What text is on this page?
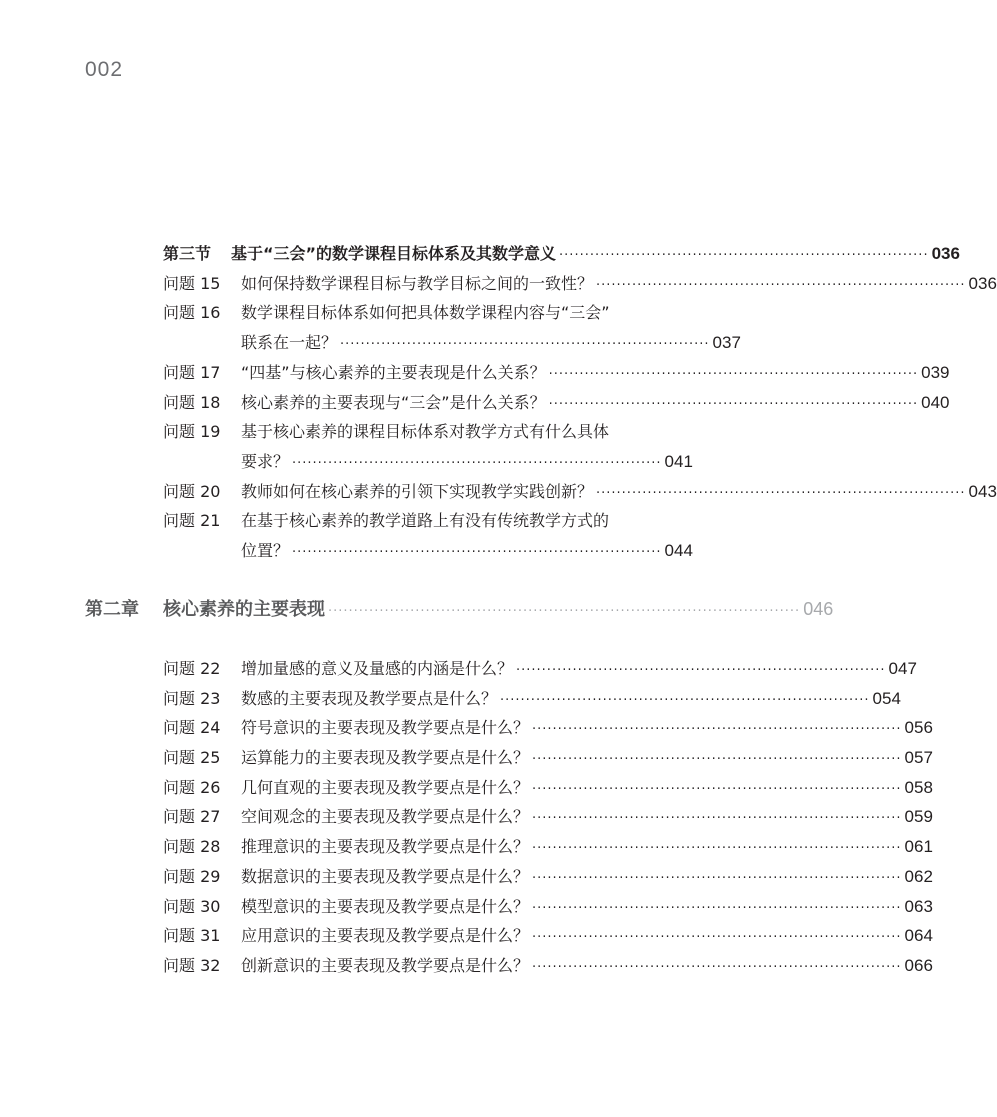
002
第三节	基于“三会”的数学课程目标体系及其数学意义 ········································································ 036
问题 15	如何保持数学课程目标与教学目标之间的一致性？ ········································································ 036
问题 16	数学课程目标体系如何把具体数学课程内容与“三会”
联系在一起？ ········································································ 037
问题 17	“四基”与核心素养的主要表现是什么关系？ ········································································ 039
问题 18	核心素养的主要表现与“三会”是什么关系？ ········································································ 040
问题 19	基于核心素养的课程目标体系对教学方式有什么具体
要求？ ········································································ 041
问题 20	教师如何在核心素养的引领下实现教学实践创新？ ········································································ 043
问题 21	在基于核心素养的教学道路上有没有传统教学方式的
位置？ ········································································ 044
第二章	核心素养的主要表现 ···························································································· 046
问题 22	增加量感的意义及量感的内涵是什么？ ········································································ 047
问题 23	数感的主要表现及教学要点是什么？ ········································································ 054
问题 24	符号意识的主要表现及教学要点是什么？ ········································································ 056
问题 25	运算能力的主要表现及教学要点是什么？ ········································································ 057
问题 26	几何直观的主要表现及教学要点是什么？ ········································································ 058
问题 27	空间观念的主要表现及教学要点是什么？ ········································································ 059
问题 28	推理意识的主要表现及教学要点是什么？ ········································································ 061
问题 29	数据意识的主要表现及教学要点是什么？ ········································································ 062
问题 30	模型意识的主要表现及教学要点是什么？ ········································································ 063
问题 31	应用意识的主要表现及教学要点是什么？ ········································································ 064
问题 32	创新意识的主要表现及教学要点是什么？ ········································································ 066
